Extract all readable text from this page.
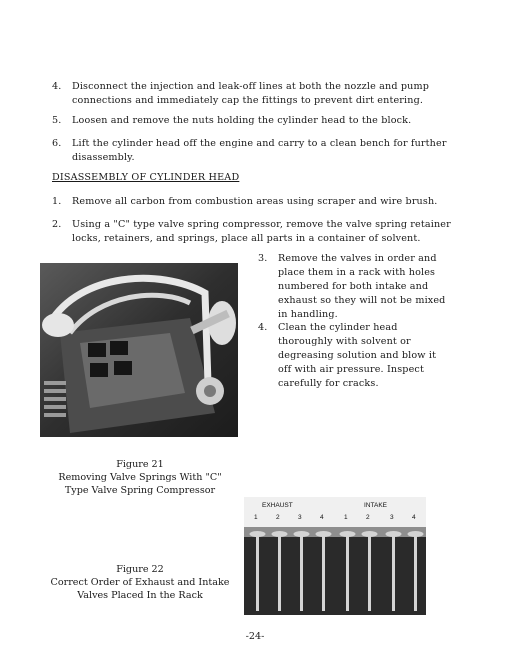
4. Disconnect the injection and leak-off lines at both the nozzle and pump connections and immediately cap the fittings to prevent dirt entering.
5. Loosen and remove the nuts holding the cylinder head to the block.
6. Lift the cylinder head off the engine and carry to a clean bench for further disassembly.
DISASSEMBLY OF CYLINDER HEAD
1. Remove all carbon from combustion areas using scraper and wire brush.
2. Using a "C" type valve spring compressor, remove the valve spring retainer locks, retainers, and springs, place all parts in a container of solvent.
3. Remove the valves in order and place them in a rack with holes numbered for both intake and exhaust so they will not be mixed in handling.
4. Clean the cylinder head thoroughly with solvent or degreasing solution and blow it off with air pressure. Inspect carefully for cracks.
Figure 21
Removing Valve Springs With "C"
Type Valve Spring Compressor
EXHAUST	INTAKE
1	2	3	4	1	2	3	4
Figure 22
Correct Order of Exhaust and Intake
Valves Placed In the Rack
-24-
